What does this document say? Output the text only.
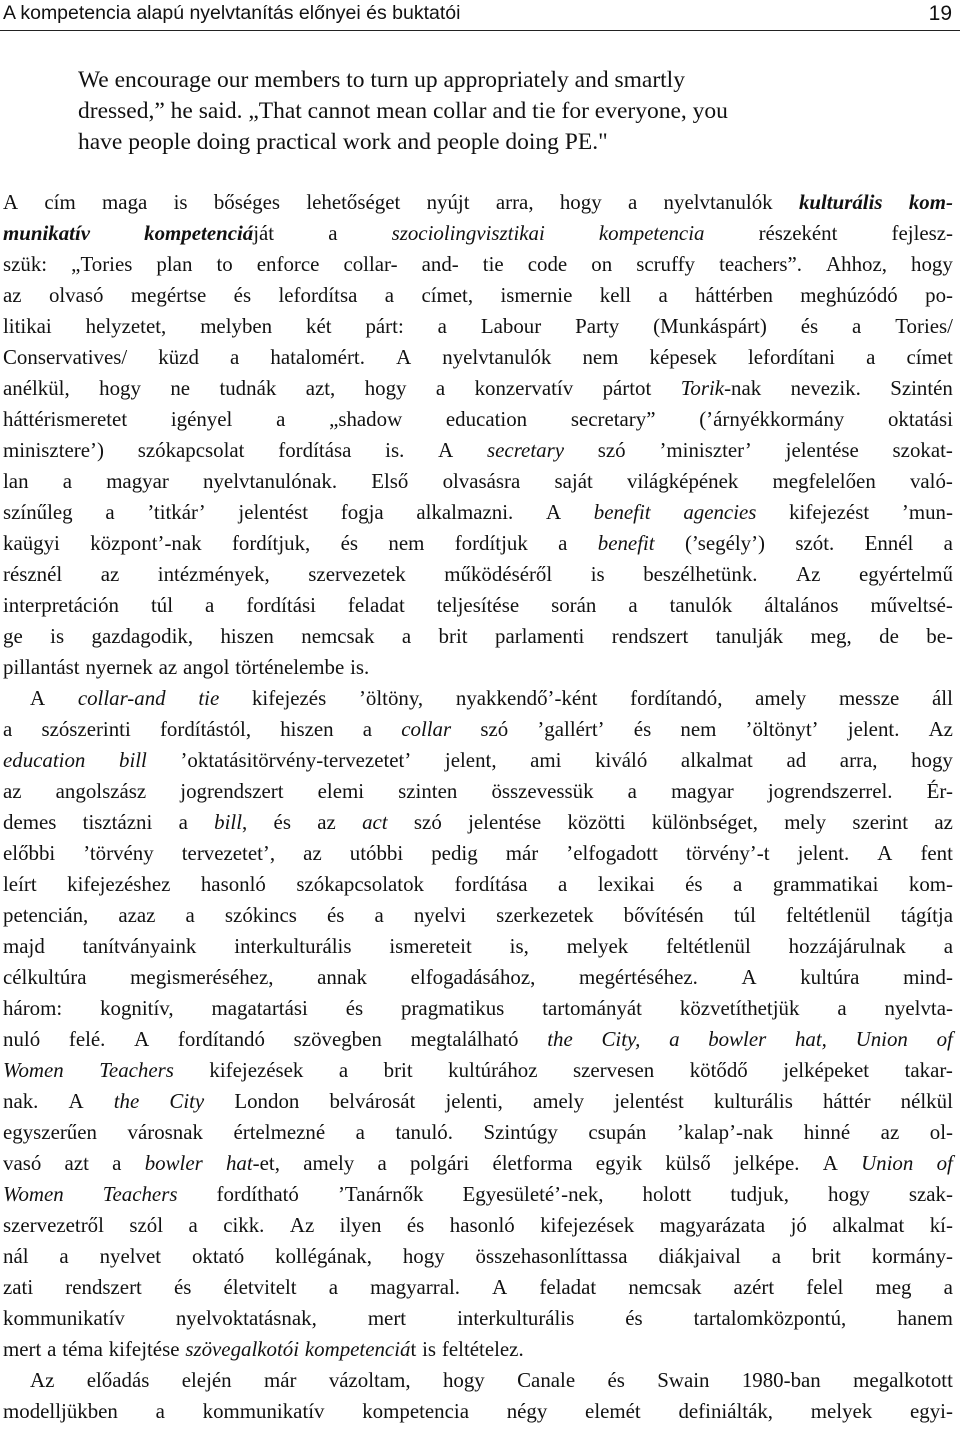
A kompetencia alapú nyelvtanítás előnyei és buktatói	19
We encourage our members to turn up appropriately and smartly
dressed,” he said. „That cannot mean collar and tie for everyone, you
have people doing practical work and people doing PE."
A cím maga is bőséges lehetőséget nyújt arra, hogy a nyelvtanulók kulturális kom-
munikatív	kompetenciáját	a	szociolingvisztikai	kompetencia	részeként	fejlesz-
szük: „Tories plan to enforce collar- and- tie code on scruffy teachers”. Ahhoz, hogy
az olvasó megértse és lefordítsa a címet, ismernie kell a háttérben meghúzódó po-
litikai helyzetet, melyben két párt: a Labour Party (Munkáspárt) és a Tories/
Conservatives/ küzd a hatalomért. A nyelvtanulók nem képesek lefordítani a címet
anélkül, hogy ne tudnák azt, hogy a konzervatív pártot Torik-nak nevezik. Szintén
háttérismeretet igényel a „shadow education secretary” (’árnyékkormány oktatási
minisztere’) szókapcsolat fordítása is. A secretary szó ’miniszter’ jelentése szokat-
lan a magyar nyelvtanulónak. Első olvasásra saját világképének megfelelően való-
színűleg a ’titkár’ jelentést fogja alkalmazni. A benefit agencies kifejezést ’mun-
kaügyi központ’-nak fordítjuk, és nem fordítjuk a benefit (’segély’) szót. Ennél a
résznél az intézmények, szervezetek működéséről is beszélhetünk. Az egyértelmű
interpretáción túl a fordítási feladat teljesítése során a tanulók általános műveltsé-
ge is gazdagodik, hiszen nemcsak a brit parlamenti rendszert tanulják meg, de be-
pillantást nyernek az angol történelembe is.
A collar-and tie kifejezés ’öltöny, nyakkendő’-ként fordítandó, amely messze áll
a szószerinti fordítástól, hiszen a collar szó ’gallért’ és nem ’öltönyt’ jelent. Az
education bill ’oktatásitörvény-tervezetet’ jelent, ami kiváló alkalmat ad arra, hogy
az angolszász jogrendszert elemi szinten összevessük a magyar jogrendszerrel. Ér-
demes tisztázni a bill, és az act szó jelentése közötti különbséget, mely szerint az
előbbi ’törvény tervezetet’, az utóbbi pedig már ’elfogadott törvény’-t jelent. A fent
leírt kifejezéshez hasonló szókapcsolatok fordítása a lexikai és a grammatikai kom-
petencián, azaz a szókincs és a nyelvi szerkezetek bővítésén túl feltétlenül tágítja
majd tanítványaink interkulturális ismereteit is, melyek feltétlenül hozzájárulnak a
célkultúra megismeréséhez, annak elfogadásához, megértéséhez. A kultúra mind-
három: kognitív, magatartási és pragmatikus tartományát közvetíthetjük a nyelvta-
nuló felé. A fordítandó szövegben megtalálható the City, a bowler hat, Union of
Women Teachers kifejezések a brit kultúrához szervesen kötődő jelképeket takar-
nak. A the City London belvárosát jelenti, amely jelentést kulturális háttér nélkül
egyszerűen városnak értelmezné a tanuló. Szintúgy csupán ’kalap’-nak hinné az ol-
vasó azt a bowler hat-et, amely a polgári életforma egyik külső jelképe. A Union of
Women Teachers fordítható ’Tanárnők Egyesületé’-nek, holott tudjuk, hogy szak-
szervezetről szól a cikk. Az ilyen és hasonló kifejezések magyarázata jó alkalmat kí-
nál a nyelvet oktató kollégának, hogy összehasonlíttassa diákjaival a brit kormány-
zati rendszert és életvitelt a magyarral. A feladat nemcsak azért felel meg a
kommunikatív nyelvoktatásnak, mert interkulturális és tartalomközpontú, hanem
mert a téma kifejtése szövegalkotói kompetenciát is feltételez.
Az előadás elején már vázoltam, hogy Canale és Swain 1980-ban megalkotott
modelljükben a kommunikatív kompetencia négy elemét definiálták, melyek egyi-
